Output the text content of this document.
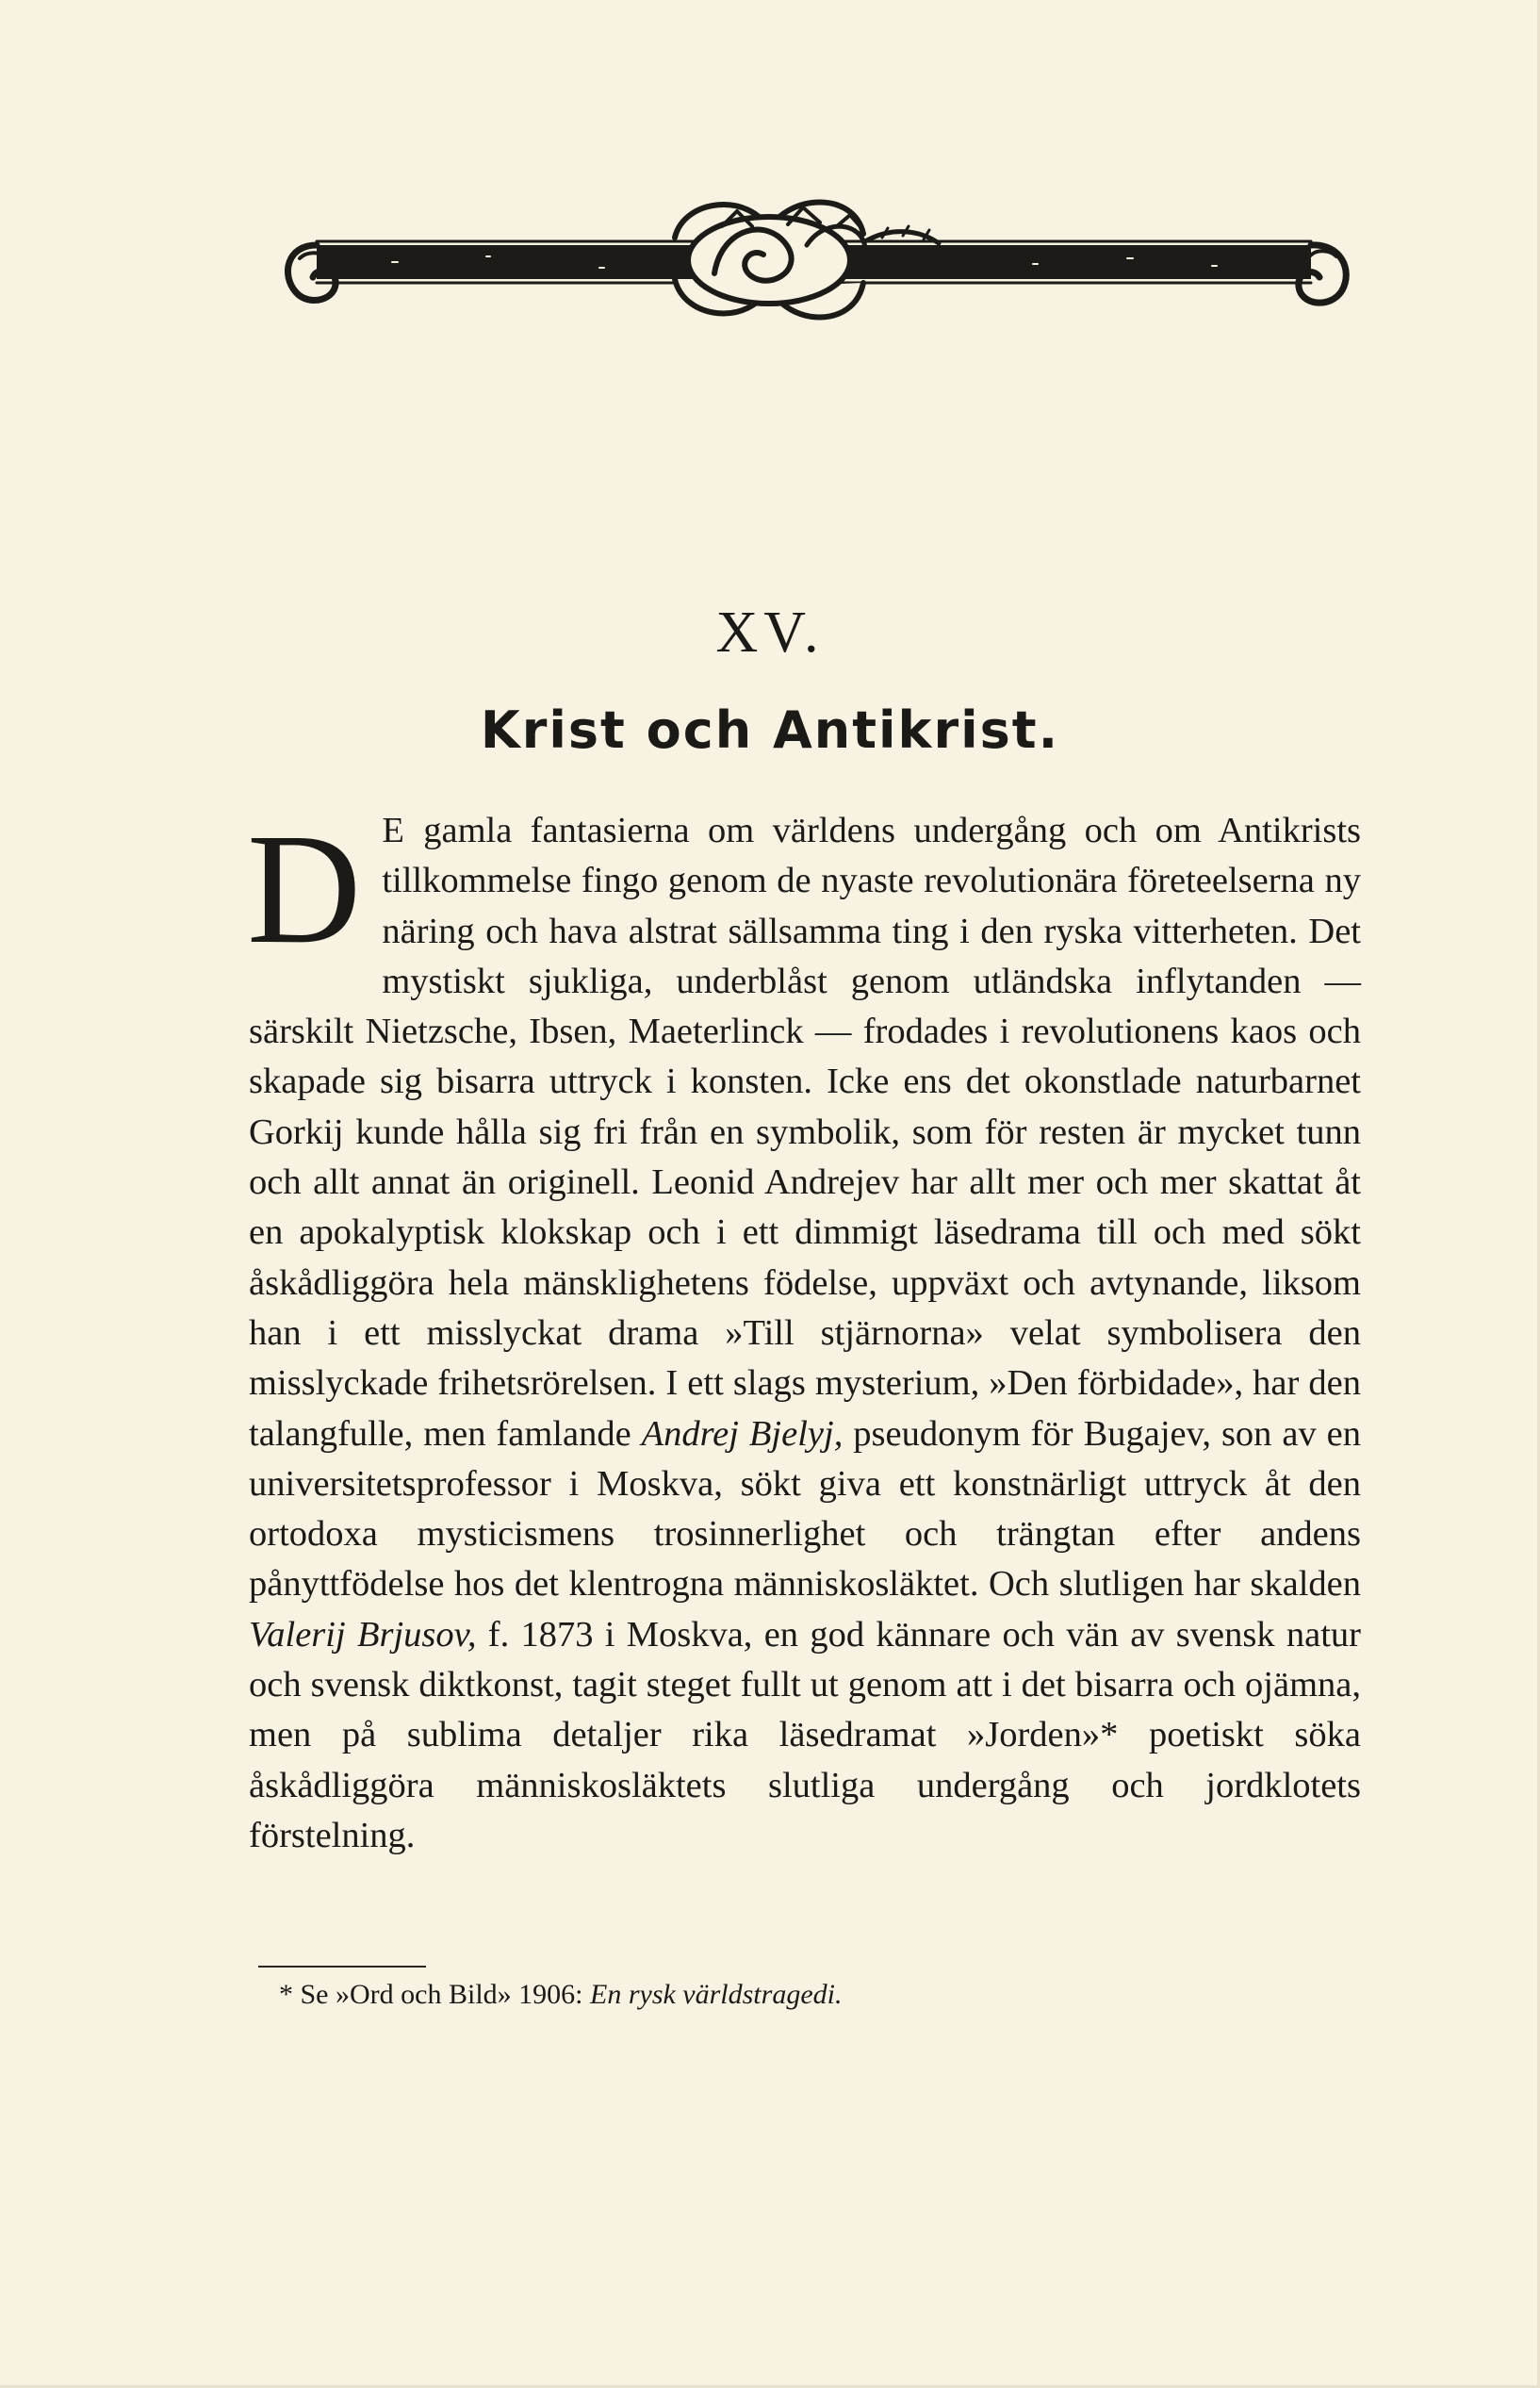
XV.
Krist och Antikrist.
D E gamla fantasierna om världens undergång och om Antikrists tillkommelse fingo genom de nyaste revolutionära företeelserna ny näring och hava alstrat sällsamma ting i den ryska vitterheten. Det mystiskt sjukliga, underblåst genom utländska inflytanden — särskilt Nietzsche, Ibsen, Maeterlinck — frodades i revolutionens kaos och skapade sig bisarra uttryck i konsten. Icke ens det okonstlade naturbarnet Gorkij kunde hålla sig fri från en symbolik, som för resten är mycket tunn och allt annat än originell. Leonid Andrejev har allt mer och mer skattat åt en apokalyptisk klokskap och i ett dimmigt läsedrama till och med sökt åskådliggöra hela mänsklighetens födelse, uppväxt och avtynande, liksom han i ett misslyckat drama »Till stjärnorna» velat symbolisera den misslyckade frihetsrörelsen. I ett slags mysterium, »Den förbidade», har den talangfulle, men famlande Andrej Bjelyj, pseudonym för Bugajev, son av en universitetsprofessor i Moskva, sökt giva ett konstnärligt uttryck åt den ortodoxa mysticismens trosinnerlighet och trängtan efter andens pånyttfödelse hos det klentrogna människosläktet. Och slutligen har skalden Valerij Brjusov, f. 1873 i Moskva, en god kännare och vän av svensk natur och svensk diktkonst, tagit steget fullt ut genom att i det bisarra och ojämna, men på sublima detaljer rika läsedramat »Jorden»* poetiskt söka åskådliggöra människosläktets slutliga undergång och jordklotets förstelning.
* Se »Ord och Bild» 1906: En rysk världstragedi.
